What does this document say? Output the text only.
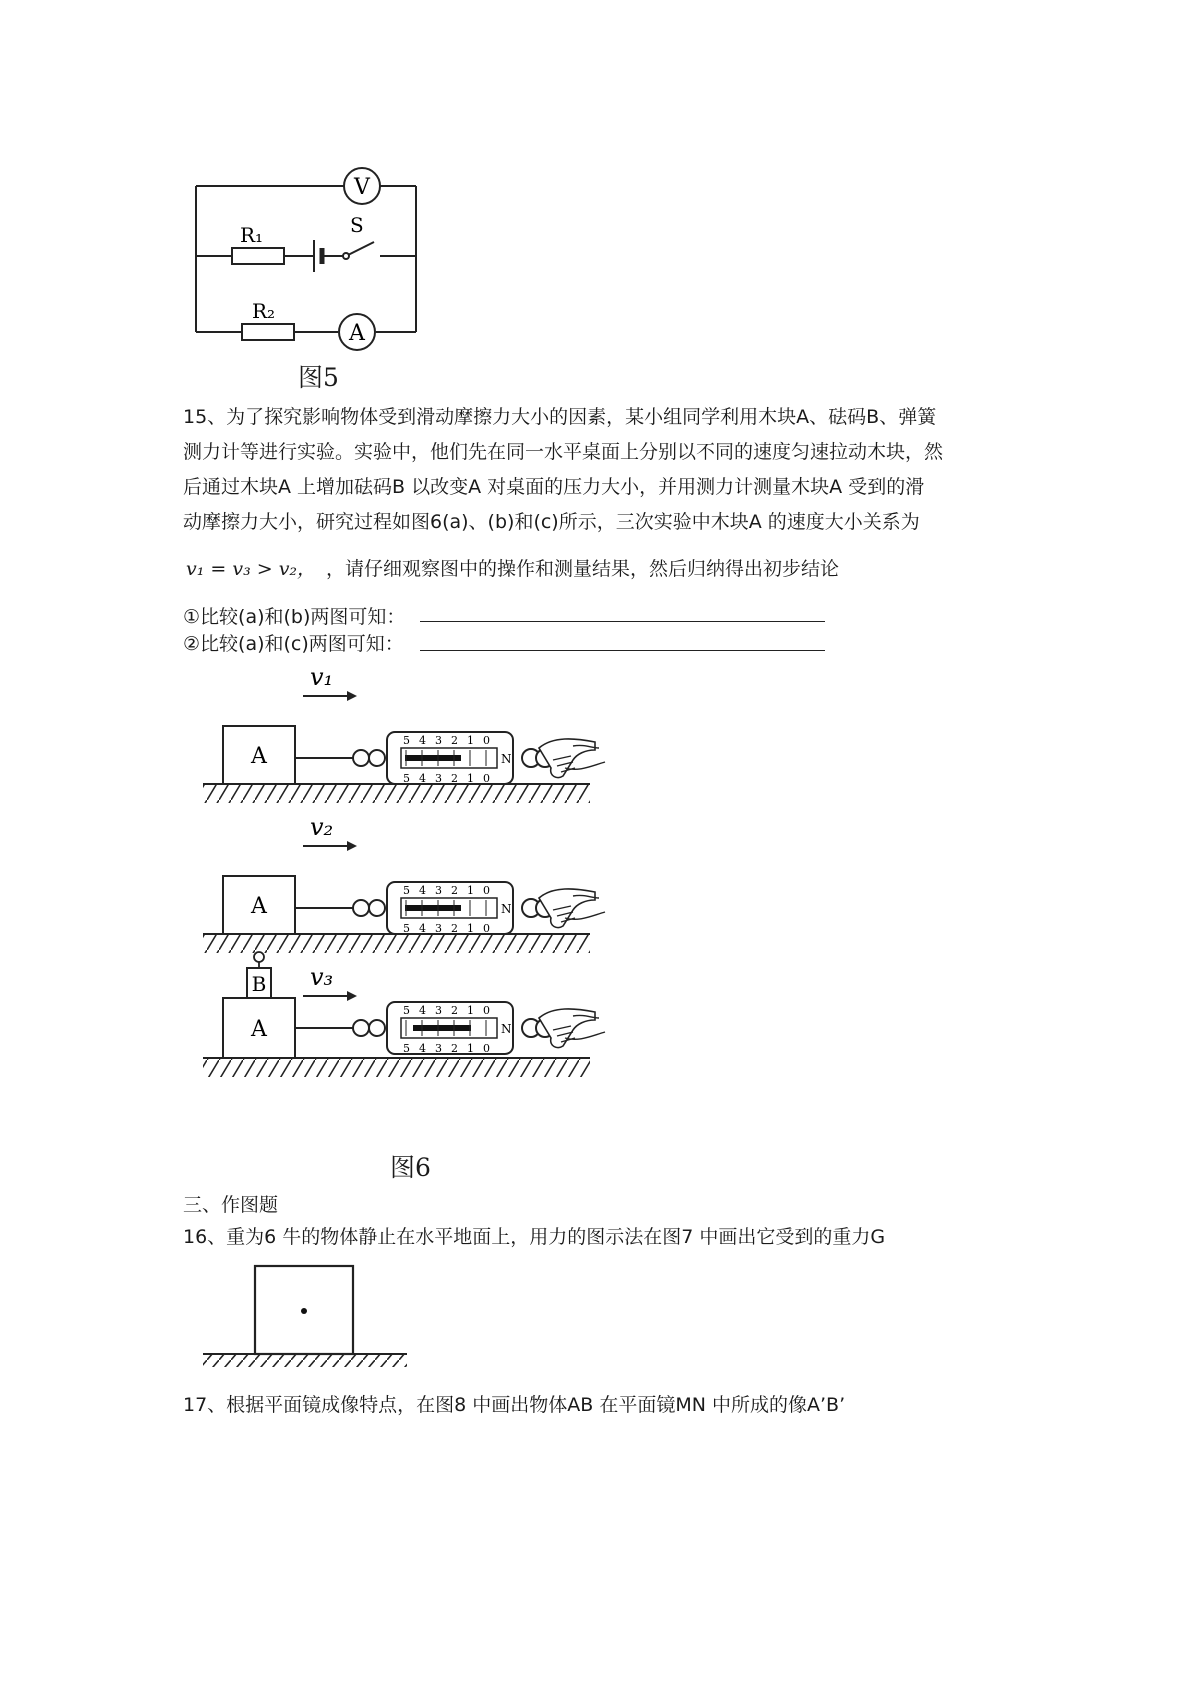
V
R₁	S
R₂
A
图5
15、为了探究影响物体受到滑动摩擦力大小的因素，某小组同学利用木块A、砝码B、弹簧
测力计等进行实验。实验中，他们先在同一水平桌面上分别以不同的速度匀速拉动木块，然
后通过木块A 上增加砝码B 以改变A 对桌面的压力大小，并用测力计测量木块A 受到的滑
动摩擦力大小，研究过程如图6(a)、(b)和(c)所示，三次实验中木块A 的速度大小关系为
v₁ = v₃ > v₂， ，请仔细观察图中的操作和测量结果，然后归纳得出初步结论
①比较(a)和(b)两图可知：
②比较(a)和(c)两图可知：
v₁
A
v₂
A
v₃
B
A
5
5
4
4
3
3
2
2
1
1
0
0
N
5
5
4
4
3
3
2
2
1
1
0
0
N
5
5
4
4
3
3
2
2
1
1
0
0
N
图6
三、作图题
16、重为6 牛的物体静止在水平地面上，用力的图示法在图7 中画出它受到的重力G
17、根据平面镜成像特点，在图8 中画出物体AB 在平面镜MN 中所成的像A’B’
